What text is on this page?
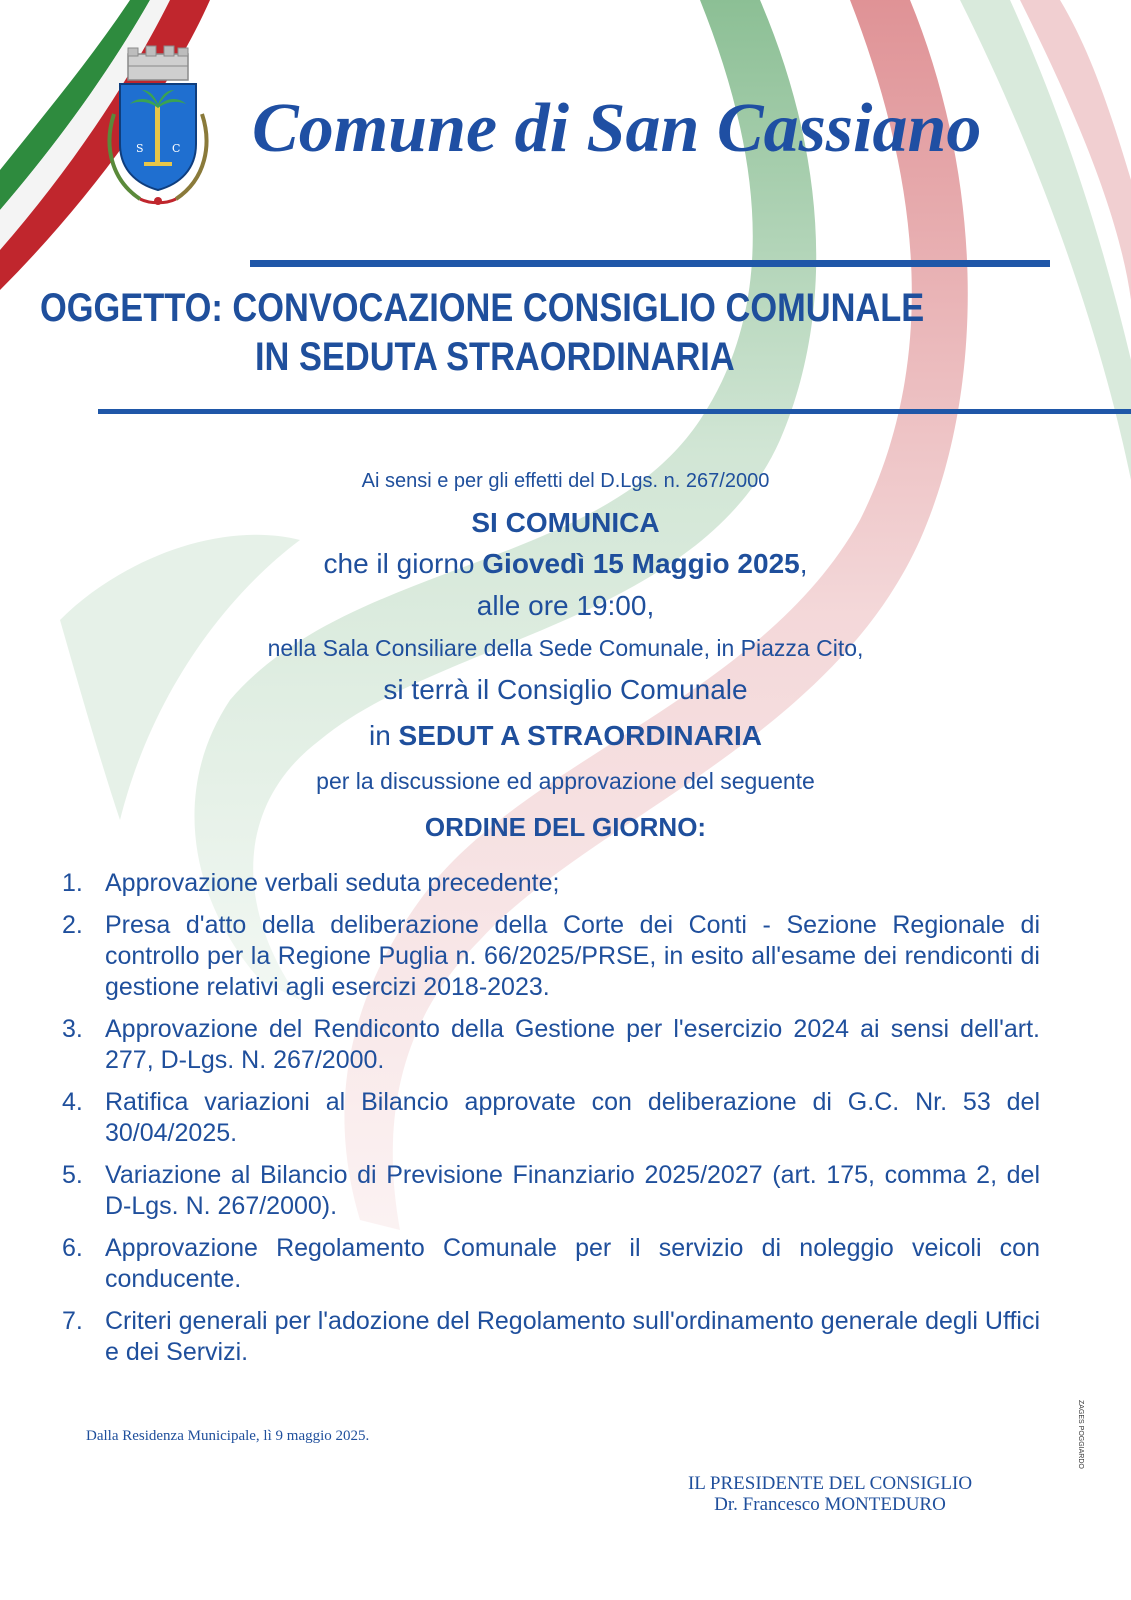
S	C Comune di San Cassiano
OGGETTO: CONVOCAZIONE CONSIGLIO COMUNALE
IN SEDUTA STRAORDINARIA
Ai sensi e per gli effetti del D.Lgs. n. 267/2000
SI COMUNICA
che il giorno Giovedì 15 Maggio 2025,
alle ore 19:00,
nella Sala Consiliare della Sede Comunale, in Piazza Cito,
si terrà il Consiglio Comunale
in SEDUT A STRAORDINARIA
per la discussione ed approvazione del seguente
ORDINE DEL GIORNO:
1. Approvazione verbali seduta precedente;
2. Presa d'atto della deliberazione della Corte dei Conti - Sezione Regionale di controllo per la Regione Puglia n. 66/2025/PRSE, in esito all'esame dei rendiconti di gestione relativi agli esercizi 2018-2023.
3. Approvazione del Rendiconto della Gestione per l'esercizio 2024 ai sensi dell'art. 277, D-Lgs. N. 267/2000.
4. Ratifica variazioni al Bilancio approvate con deliberazione di G.C. Nr. 53 del 30/04/2025.
5. Variazione al Bilancio di Previsione Finanziario 2025/2027 (art. 175, comma 2, del D-Lgs. N. 267/2000).
6. Approvazione Regolamento Comunale per il servizio di noleggio veicoli con conducente.
7. Criteri generali per l'adozione del Regolamento sull'ordinamento generale degli Uffici e dei Servizi.
Dalla Residenza Municipale, lì 9 maggio 2025.
IL PRESIDENTE DEL CONSIGLIO
Dr. Francesco MONTEDURO
ZAGES POGGIARDO
